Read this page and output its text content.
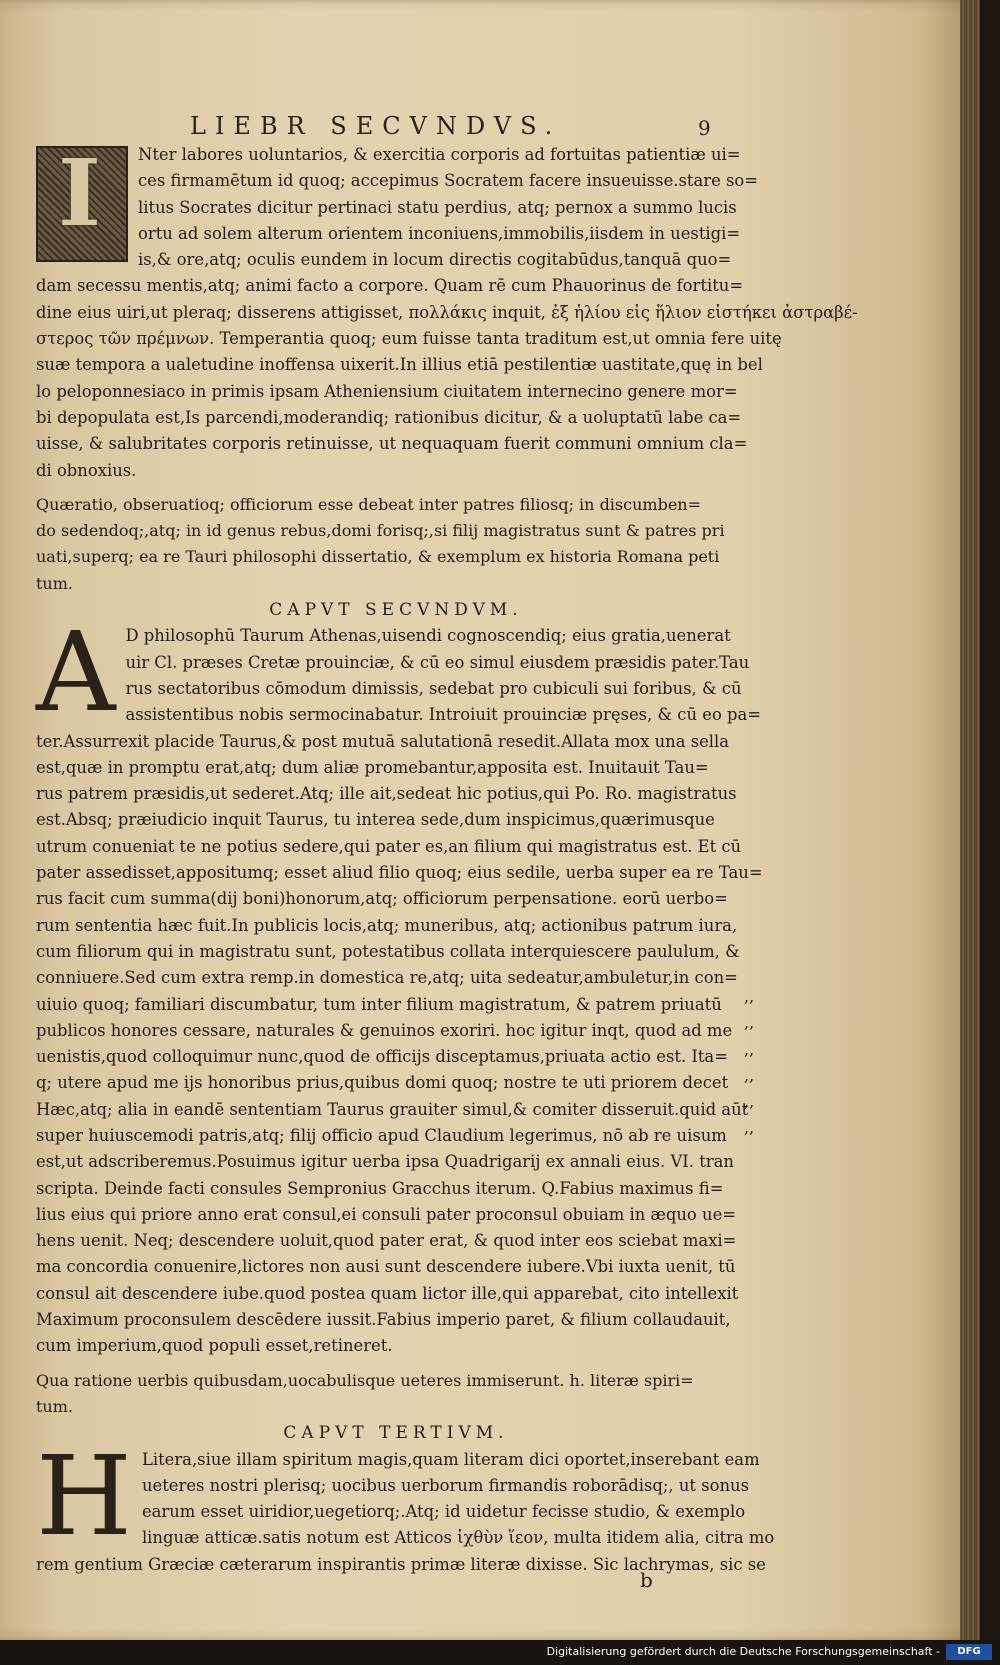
LIEBR SECVNDVS.	9
I	Nter labores uoluntarios, & exercitia corporis ad fortuitas patientiæ ui=
ces firmamētum id quoq; accepimus Socratem facere insueuisse.stare so=
litus Socrates dicitur pertinaci statu perdius, atq; pernox a summo lucis
ortu ad solem alterum orientem inconiuens,immobilis,iisdem in uestigi=
is,& ore,atq; oculis eundem in locum directis cogitabūdus,tanquā quo=
dam secessu mentis,atq; animi facto a corpore. Quam rē cum Phauorinus de fortitu=
dine eius uiri,ut pleraq; disserens attigisset, πολλάκις inquit, ἐξ ἡλίου εἰς ἥλιον εἱστήκει ἀστραβέ-
στερος τῶν πρέμνων. Temperantia quoq; eum fuisse tanta traditum est,ut omnia fere uitę
suæ tempora a ualetudine inoffensa uixerit.In illius etiā pestilentiæ uastitate,quę in bel
lo peloponnesiaco in primis ipsam Atheniensium ciuitatem internecino genere mor=
bi depopulata est,Is parcendi,moderandiq; rationibus dicitur, & a uoluptatū labe ca=
uisse, & salubritates corporis retinuisse, ut nequaquam fuerit communi omnium cla=
di obnoxius.
Quæratio, obseruatioq; officiorum esse debeat inter patres filiosq; in discumben=
do sedendoq;,atq; in id genus rebus,domi forisq;,si filij magistratus sunt & patres pri
uati,superq; ea re Tauri philosophi dissertatio, & exemplum ex historia Romana peti
tum.
CAPVT SECVNDVM.
A D philosophū Taurum Athenas,uisendi cognoscendiq; eius gratia,uenerat
uir Cl. præses Cretæ prouinciæ, & cū eo simul eiusdem præsidis pater.Tau
rus sectatoribus cōmodum dimissis, sedebat pro cubiculi sui foribus, & cū
assistentibus nobis sermocinabatur. Introiuit prouinciæ pręses, & cū eo pa=
ter.Assurrexit placide Taurus,& post mutuā salutationā resedit.Allata mox una sella
est,quæ in promptu erat,atq; dum aliæ promebantur,apposita est. Inuitauit Tau=
rus patrem præsidis,ut sederet.Atq; ille ait,sedeat hic potius,qui Po. Ro. magistratus
est.Absq; præiudicio inquit Taurus, tu interea sede,dum inspicimus,quærimusque
utrum conueniat te ne potius sedere,qui pater es,an filium qui magistratus est. Et cū
pater assedisset,appositumq; esset aliud filio quoq; eius sedile, uerba super ea re Tau=
rus facit cum summa(dij boni)honorum,atq; officiorum perpensatione. eorū uerbo=
rum sententia hæc fuit.In publicis locis,atq; muneribus, atq; actionibus patrum iura,
cum filiorum qui in magistratu sunt, potestatibus collata interquiescere paululum, &
conniuere.Sed cum extra remp.in domestica re,atq; uita sedeatur,ambuletur,in con=
uiuio quoq; familiari discumbatur, tum inter filium magistratum, & patrem priuatū
publicos honores cessare, naturales & genuinos exoriri. hoc igitur inqt, quod ad me
uenistis,quod colloquimur nunc,quod de officijs disceptamus,priuata actio est. Ita=
q; utere apud me ijs honoribus prius,quibus domi quoq; nostre te uti priorem decet
Hæc,atq; alia in eandē sententiam Taurus grauiter simul,& comiter disseruit.quid aūt
super huiuscemodi patris,atq; filij officio apud Claudium legerimus, nō ab re uisum
est,ut adscriberemus.Posuimus igitur uerba ipsa Quadrigarij ex annali eius. VI. tran
scripta. Deinde facti consules Sempronius Gracchus iterum. Q.Fabius maximus fi=
lius eius qui priore anno erat consul,ei consuli pater proconsul obuiam in æquo ue=
hens uenit. Neq; descendere uoluit,quod pater erat, & quod inter eos sciebat maxi=
ma concordia conuenire,lictores non ausi sunt descendere iubere.Vbi iuxta uenit, tū
consul ait descendere iube.quod postea quam lictor ille,qui apparebat, cito intellexit
Maximum proconsulem descēdere iussit.Fabius imperio paret, & filium collaudauit,
cum imperium,quod populi esset,retineret.
Qua ratione uerbis quibusdam,uocabulisque ueteres immiserunt. h. literæ spiri=
tum.
CAPVT TERTIVM.
H Litera,siue illam spiritum magis,quam literam dici oportet,inserebant eam
ueteres nostri plerisq; uocibus uerborum firmandis roborādisq;, ut sonus
earum esset uiridior,uegetiorq;.Atq; id uidetur fecisse studio, & exemplo
linguæ atticæ.satis notum est Atticos ἰχθὺν ἵεον, multa itidem alia, citra mo
rem gentium Græciæ cæterarum inspirantis primæ literæ dixisse. Sic lachrymas, sic se
,,
,,
,,
,,
,,
,,
b
Digitalisierung gefördert durch die Deutsche Forschungsgemeinschaft -	DFG
